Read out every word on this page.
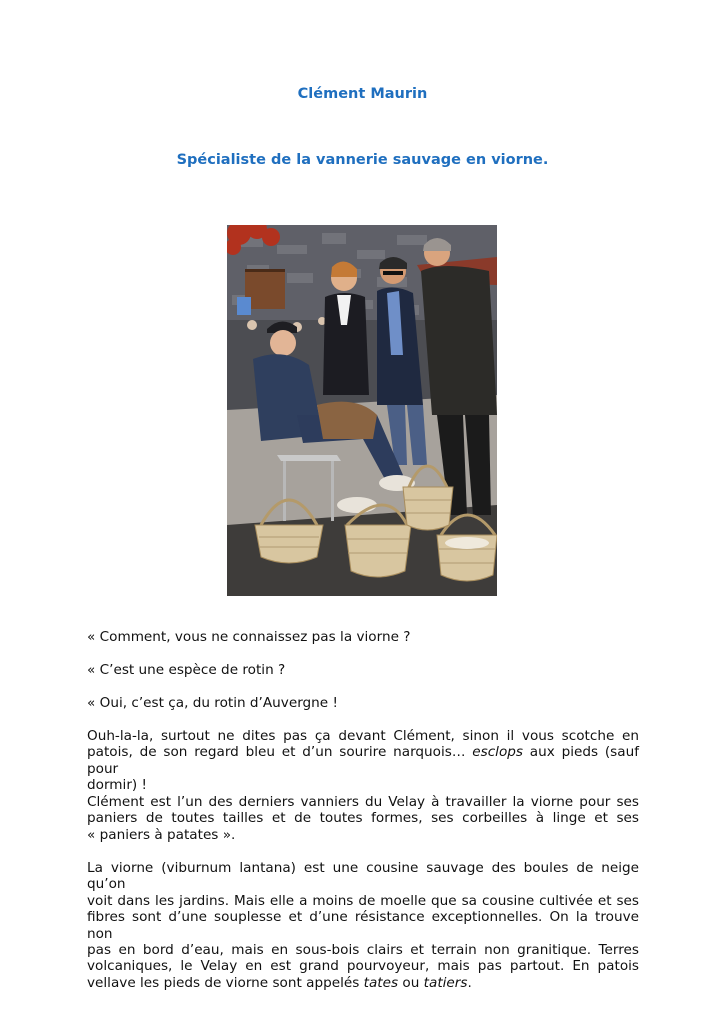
Clément Maurin
Spécialiste de la vannerie sauvage en viorne.

« Comment, vous ne connaissez pas la viorne ?

« C’est une espèce de rotin ?

« Oui, c’est ça, du rotin d’Auvergne !

Ouh-la-la, surtout ne dites pas ça devant Clément, sinon il vous scotche en
patois, de son regard bleu et d’un sourire narquois… esclops aux pieds (sauf pour
dormir) !
Clément est l’un des derniers vanniers du Velay à travailler la viorne pour ses
paniers de toutes tailles et de toutes formes, ses corbeilles à linge et ses
« paniers à patates ».
La viorne (viburnum lantana) est une cousine sauvage des boules de neige qu’on
voit dans les jardins. Mais elle a moins de moelle que sa cousine cultivée et ses
fibres sont d’une souplesse et d’une résistance exceptionnelles. On la trouve non
pas en bord d’eau, mais en sous-bois clairs et terrain non granitique. Terres
volcaniques, le Velay en est grand pourvoyeur, mais pas partout. En patois
vellave les pieds de viorne sont appelés tates ou tatiers.
